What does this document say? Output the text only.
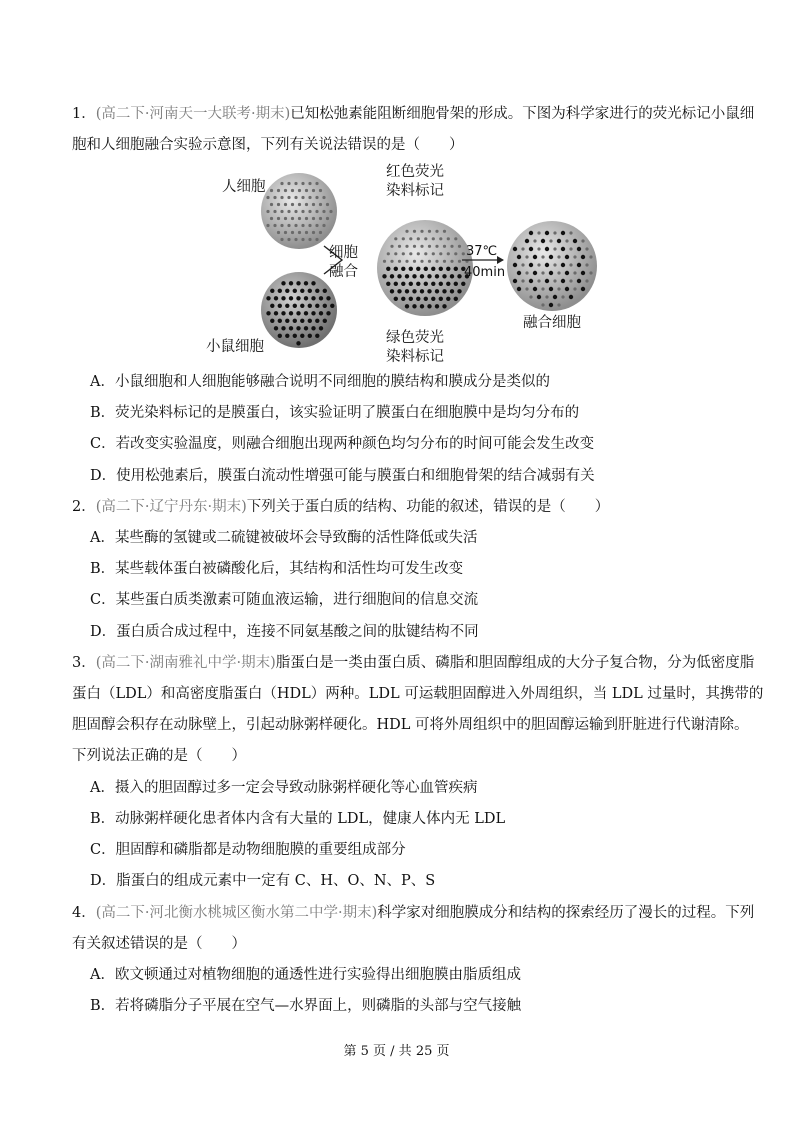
1．(高二下·河南天一大联考·期末)已知松弛素能阻断细胞骨架的形成。下图为科学家进行的荧光标记小鼠细
胞和人细胞融合实验示意图，下列有关说法错误的是（　　）
人细胞
小鼠细胞
细胞
融合
红色荧光
染料标记
绿色荧光
染料标记
37℃
40min
融合细胞
A．小鼠细胞和人细胞能够融合说明不同细胞的膜结构和膜成分是类似的
B．荧光染料标记的是膜蛋白，该实验证明了膜蛋白在细胞膜中是均匀分布的
C．若改变实验温度，则融合细胞出现两种颜色均匀分布的时间可能会发生改变
D．使用松弛素后，膜蛋白流动性增强可能与膜蛋白和细胞骨架的结合减弱有关
2．(高二下·辽宁丹东·期末)下列关于蛋白质的结构、功能的叙述，错误的是（　　）
A．某些酶的氢键或二硫键被破坏会导致酶的活性降低或失活
B．某些载体蛋白被磷酸化后，其结构和活性均可发生改变
C．某些蛋白质类激素可随血液运输，进行细胞间的信息交流
D．蛋白质合成过程中，连接不同氨基酸之间的肽键结构不同
3．(高二下·湖南雅礼中学·期末)脂蛋白是一类由蛋白质、磷脂和胆固醇组成的大分子复合物，分为低密度脂
蛋白（LDL）和高密度脂蛋白（HDL）两种。LDL 可运载胆固醇进入外周组织，当 LDL 过量时，其携带的
胆固醇会积存在动脉壁上，引起动脉粥样硬化。HDL 可将外周组织中的胆固醇运输到肝脏进行代谢清除。
下列说法正确的是（　　）
A．摄入的胆固醇过多一定会导致动脉粥样硬化等心血管疾病
B．动脉粥样硬化患者体内含有大量的 LDL，健康人体内无 LDL
C．胆固醇和磷脂都是动物细胞膜的重要组成部分
D．脂蛋白的组成元素中一定有 C、H、O、N、P、S
4．(高二下·河北衡水桃城区衡水第二中学·期末)科学家对细胞膜成分和结构的探索经历了漫长的过程。下列
有关叙述错误的是（　　）
A．欧文顿通过对植物细胞的通透性进行实验得出细胞膜由脂质组成
B．若将磷脂分子平展在空气—水界面上，则磷脂的头部与空气接触
第 5 页 / 共 25 页
